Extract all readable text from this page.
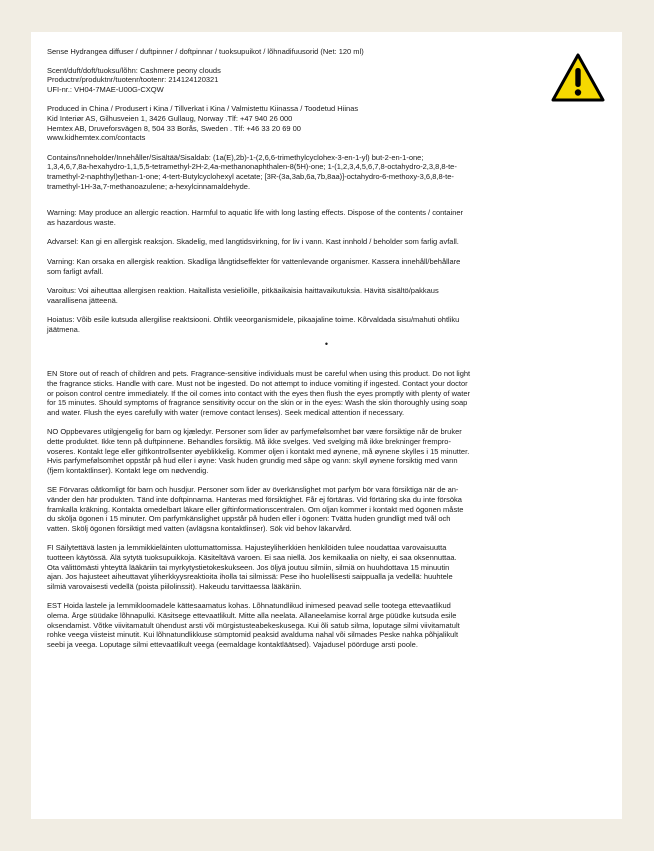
Sense Hydrangea diffuser / duftpinner / doftpinnar / tuoksupuikot / lõhnadifuusorid (Net: 120 ml)

Scent/duft/doft/tuoksu/lõhn: Cashmere peony clouds

Productnr/produktnr/tuotenr/tootenr: 214124120321

UFI-nr.: VH04-7MAE-U00G-CXQW

Produced in China / Produsert i Kina / Tillverkat i Kina / Valmistettu Kiinassa / Toodetud Hiinas

Kid Interiør AS, Gilhusveien 1, 3426 Gullaug, Norway .Tlf: +47 940 26 000

Hemtex AB, Druveforsvägen 8, 504 33 Borås, Sweden . Tlf: +46 33 20 69 00

www.kidhemtex.com/contacts

Contains/Inneholder/Innehåller/Sisältää/Sisaldab: (1a(E),2b)-1-(2,6,6-trimethylcyclohex-3-en-1-yl) but-2-en-1-one;
1,3,4,6,7,8a-hexahydro-1,1,5,5-tetramethyl-2H-2,4a-methanonaphthalen-8(5H)-one; 1-(1,2,3,4,5,6,7,8-octahydro-2,3,8,8-te-
tramethyl-2-naphthyl)ethan-1-one; 4-tert-Butylcyclohexyl acetate; [3R-(3a,3ab,6a,7b,8aa)]-octahydro-6-methoxy-3,6,8,8-te-
tramethyl-1H-3a,7-methanoazulene; a-hexylcinnamaldehyde.

Warning: May produce an allergic reaction. Harmful to aquatic life with long lasting effects. Dispose of the contents / container
as hazardous waste.

Advarsel: Kan gi en allergisk reaksjon. Skadelig, med langtidsvirkning, for liv i vann. Kast innhold / beholder som farlig avfall.

Varning: Kan orsaka en allergisk reaktion. Skadliga långtidseffekter för vattenlevande organismer. Kassera innehåll/behållare
som farligt avfall.

Varoitus: Voi aiheuttaa allergisen reaktion. Haitallista vesieliöille, pitkäaikaisia haittavaikutuksia. Hävitä sisältö/pakkaus
vaarallisena jätteenä.

Hoiatus: Võib esile kutsuda allergilise reaktsiooni. Ohtlik veeorganismidele, pikaajaline toime. Kõrvaldada sisu/mahuti ohtliku
jäätmena.

•

EN Store out of reach of children and pets. Fragrance-sensitive individuals must be careful when using this product. Do not light
the fragrance sticks. Handle with care. Must not be ingested. Do not attempt to induce vomiting if ingested. Contact your doctor
or poison control centre immediately. If the oil comes into contact with the eyes then flush the eyes promptly with plenty of water
for 15 minutes. Should symptoms of fragrance sensitivity occur on the skin or in the eyes: Wash the skin thoroughly using soap
and water. Flush the eyes carefully with water (remove contact lenses). Seek medical attention if necessary.

NO Oppbevares utilgjengelig for barn og kjæledyr. Personer som lider av parfymefølsomhet bør være forsiktige når de bruker
dette produktet. Ikke tenn på duftpinnene. Behandles forsiktig. Må ikke svelges. Ved svelging må ikke brekninger frempro-
voseres. Kontakt lege eller giftkontrollsenter øyeblikkelig. Kommer oljen i kontakt med øynene, må øynene skylles i 15 minutter.
Hvis parfymefølsomhet oppstår på hud eller i øyne: Vask huden grundig med såpe og vann: skyll øynene forsiktig med vann
(fjern kontaktlinser). Kontakt lege om nødvendig.

SE Förvaras oåtkomligt för barn och husdjur. Personer som lider av överkänslighet mot parfym bör vara försiktiga när de an-
vänder den här produkten. Tänd inte doftpinnarna. Hanteras med försiktighet. Får ej förtäras. Vid förtäring ska du inte försöka
framkalla kräkning. Kontakta omedelbart läkare eller giftinformationscentralen. Om oljan kommer i kontakt med ögonen måste
du skölja ögonen i 15 minuter. Om parfymkänslighet uppstår på huden eller i ögonen: Tvätta huden grundligt med tvål och
vatten. Skölj ögonen försiktigt med vatten (avlägsna kontaktlinser). Sök vid behov läkarvård.

FI Säilytettävä lasten ja lemmikkieläinten ulottumattomissa. Hajusteyliherkkien henkilöiden tulee noudattaa varovaisuutta
tuotteen käytössä. Älä sytytä tuoksupuikkoja. Käsiteltävä varoen. Ei saa niellä. Jos kemikaalia on nielty, ei saa oksennuttaa.
Ota välittömästi yhteyttä lääkäriin tai myrkytystietokeskukseen. Jos öljyä joutuu silmiin, silmiä on huuhdottava 15 minuutin
ajan. Jos hajusteet aiheuttavat yliherkkyysreaktioita iholla tai silmissä: Pese iho huolellisesti saippualla ja vedellä: huuhtele
silmiä varovaisesti vedellä (poista piilolinssit). Hakeudu tarvittaessa lääkäriin.

EST Hoida lastele ja lemmikloomadele kättesaamatus kohas. Lõhnatundlikud inimesed peavad selle tootega ettevaatlikud
olema. Ärge süüdake lõhnapulki. Käsitsege ettevaatlikult. Mitte alla neelata. Allaneelamise korral ärge püüdke kutsuda esile
oksendamist. Võtke viivitamatult ühendust arsti või mürgistusteabekeskusega. Kui õli satub silma, loputage silmi viivitamatult
rohke veega viisteist minutit. Kui lõhnatundlikkuse sümptomid peaksid avalduma nahal või silmades Peske nahka põhjalikult
seebi ja veega. Loputage silmi ettevaatlikult veega (eemaldage kontaktläätsed). Vajadusel pöörduge arsti poole.
